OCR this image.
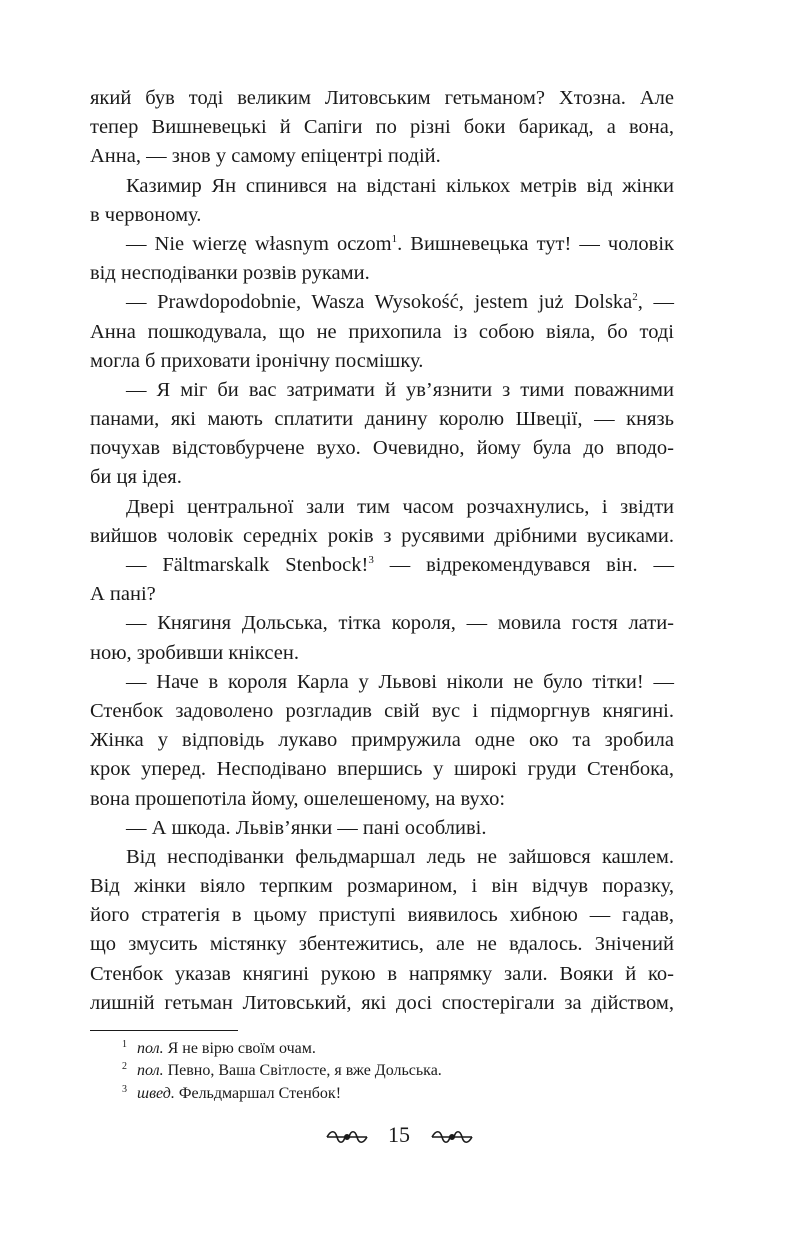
який був тоді великим Литовським гетьманом? Хтозна. Але
тепер Вишневецькі й Сапіги по різні боки барикад, а вона,
Анна, — знов у самому епіцентрі подій.
Казимир Ян спинився на відстані кількох метрів від жінки
в червоному.
— Nie wierzę własnym oczom$^1$. Вишневецька тут! — чоловік
від несподіванки розвів руками.
— Prawdopodobnie, Wasza Wysokość, jestem już Dolska$^2$, —
Анна пошкодувала, що не прихопила із собою віяла, бо тоді
могла б приховати іронічну посмішку.
— Я міг би вас затримати й ув’язнити з тими поважними
панами, які мають сплатити данину королю Швеції, — князь
почухав відстовбурчене вухо. Очевидно, йому була до вподо-
би ця ідея.
Двері центральної зали тим часом розчахнулись, і звідти
вийшов чоловік середніх років з русявими дрібними вусиками.
— Fältmarskalk Stenbock!$^3$ — відрекомендувався він. —
А пані?
— Княгиня Дольська, тітка короля, — мовила гостя лати-
ною, зробивши кніксен.
— Наче в короля Карла у Львові ніколи не було тітки! —
Стенбок задоволено розгладив свій вус і підморгнув княгині.
Жінка у відповідь лукаво примружила одне око та зробила
крок уперед. Несподівано впершись у широкі груди Стенбока,
вона прошепотіла йому, ошелешеному, на вухо:
— А шкода. Львів’янки — пані особливі.
Від несподіванки фельдмаршал ледь не зайшовся кашлем.
Від жінки віяло терпким розмарином, і він відчув поразку,
його стратегія в цьому приступі виявилось хибною — гадав,
що змусить містянку збентежитись, але не вдалось. Знічений
Стенбок указав княгині рукою в напрямку зали. Вояки й ко-
лишній гетьман Литовський, які досі спостерігали за дійством,
$^1$ пол. Я не вірю своїм очам.
$^2$ пол. Певно, Ваша Світлосте, я вже Дольська.
$^3$ швед. Фельдмаршал Стенбок!
15
